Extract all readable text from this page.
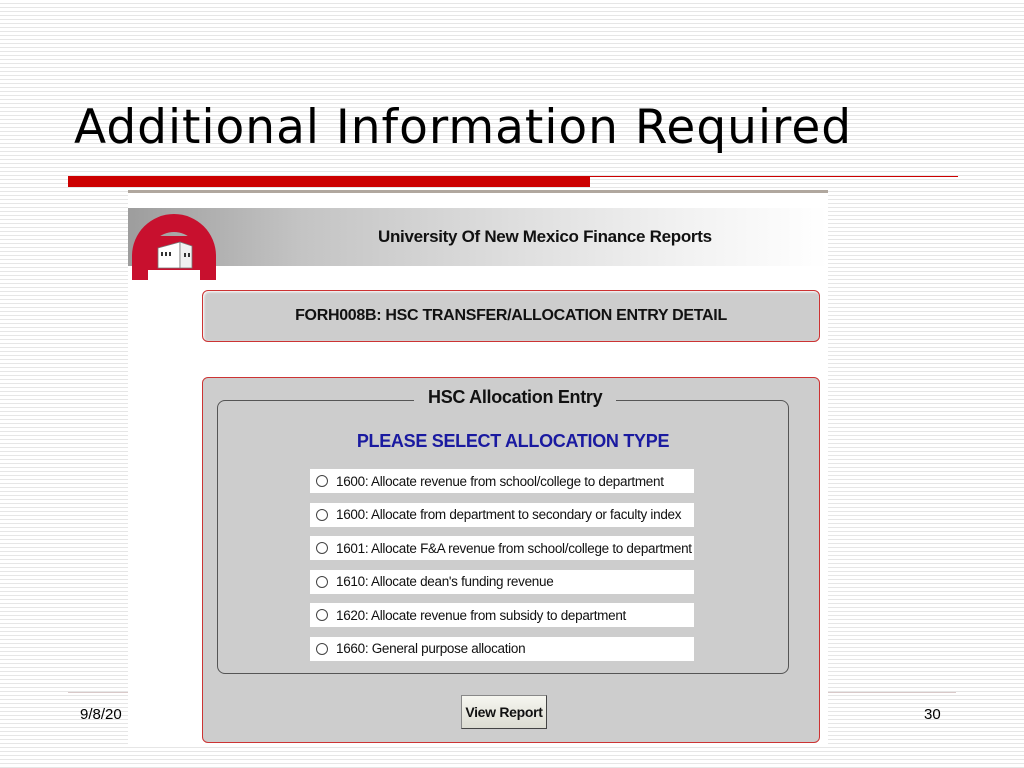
Additional Information Required
9/8/20	30
University Of New Mexico Finance Reports
FORH008B: HSC TRANSFER/ALLOCATION ENTRY DETAIL
HSC Allocation Entry
PLEASE SELECT ALLOCATION TYPE
1600: Allocate revenue from school/college to department
1600: Allocate from department to secondary or faculty index
1601: Allocate F&A revenue from school/college to department
1610: Allocate dean's funding revenue
1620: Allocate revenue from subsidy to department
1660: General purpose allocation
View Report
